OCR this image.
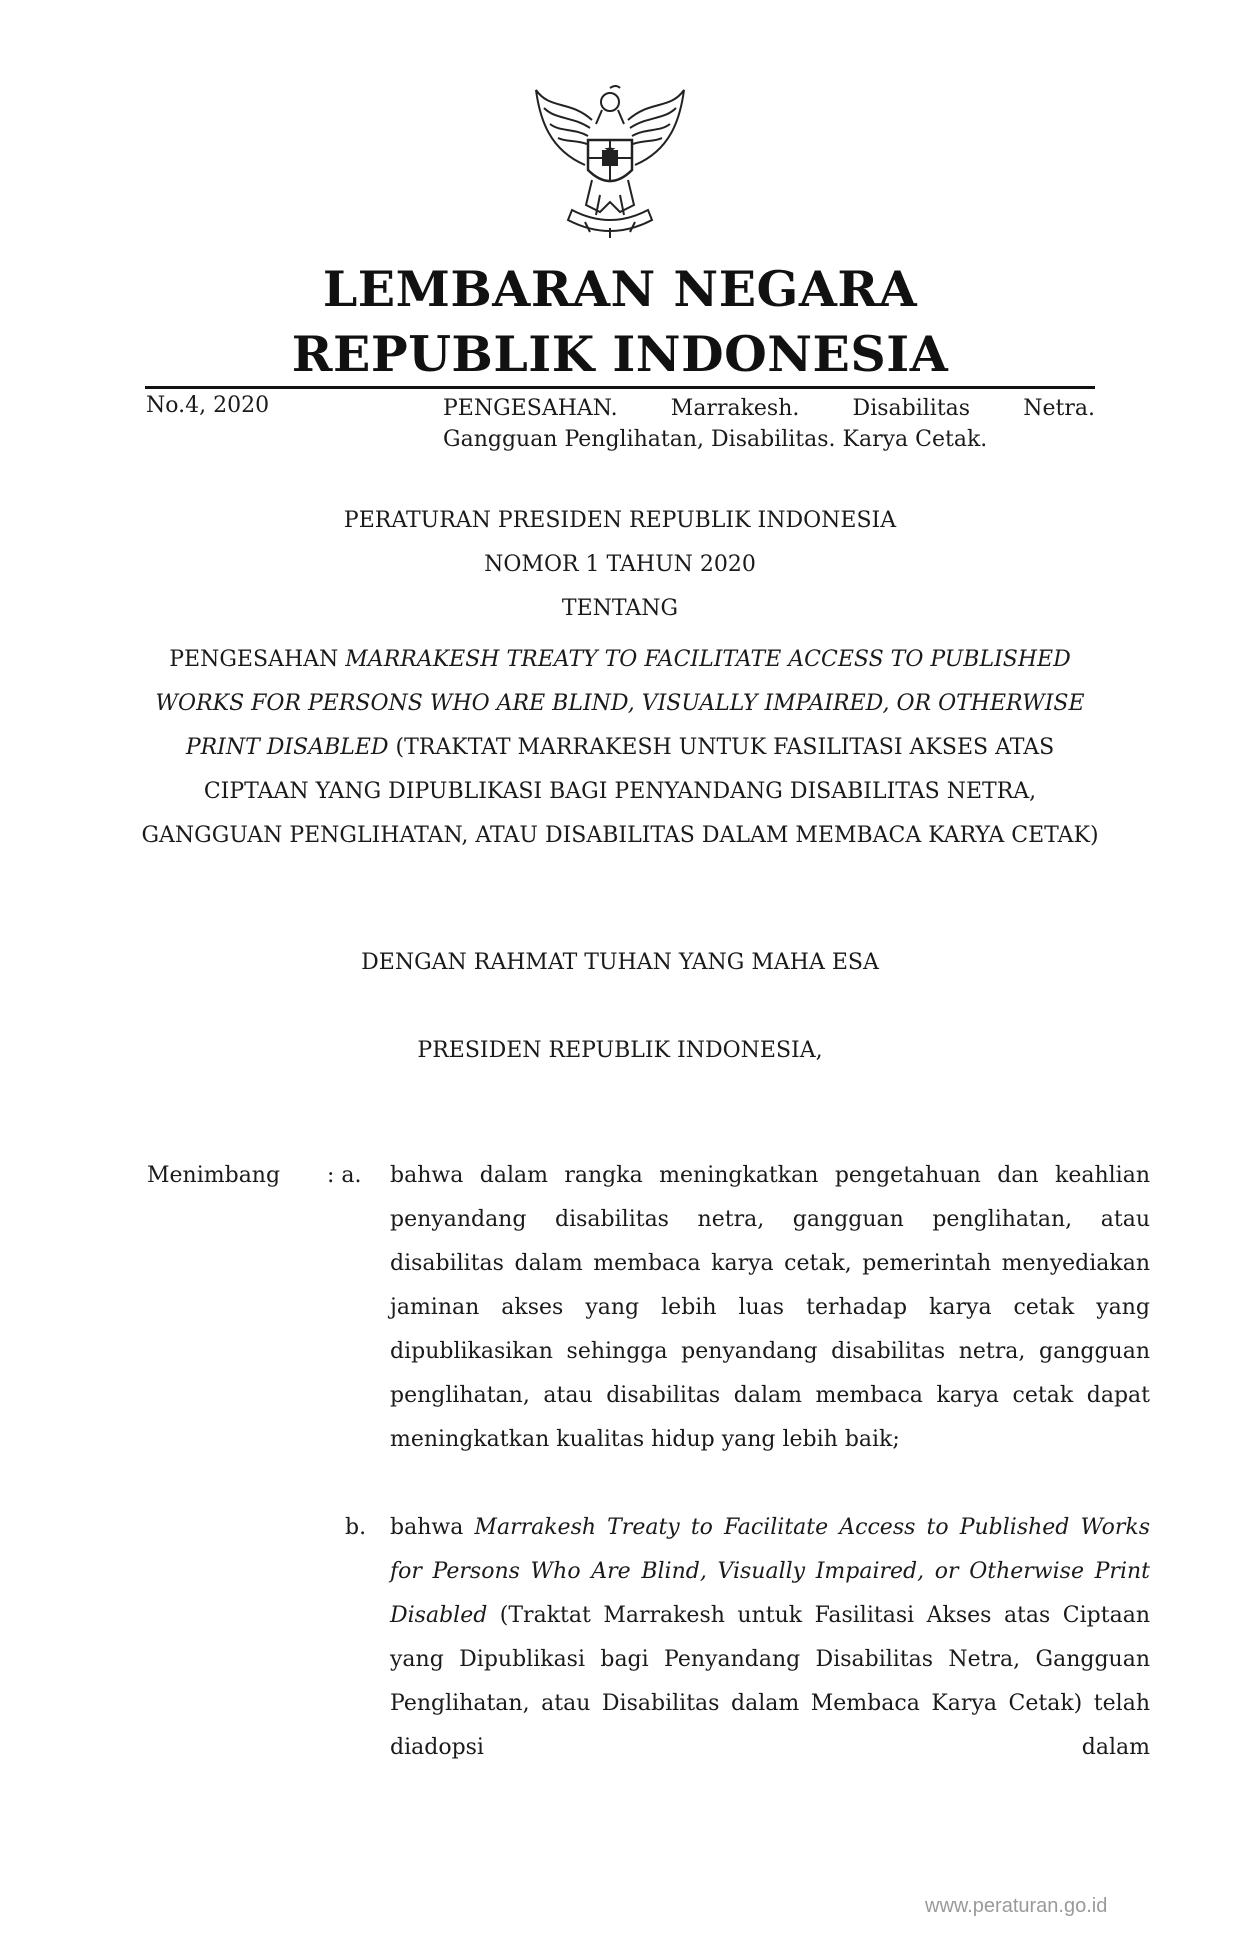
LEMBARAN NEGARA
REPUBLIK INDONESIA
No.4, 2020	PENGESAHAN. Marrakesh. Disabilitas Netra.
Gangguan Penglihatan, Disabilitas. Karya Cetak.
PERATURAN PRESIDEN REPUBLIK INDONESIA
NOMOR 1 TAHUN 2020
TENTANG
PENGESAHAN MARRAKESH TREATY TO FACILITATE ACCESS TO PUBLISHED WORKS FOR PERSONS WHO ARE BLIND, VISUALLY IMPAIRED, OR OTHERWISE PRINT DISABLED (TRAKTAT MARRAKESH UNTUK FASILITASI AKSES ATAS CIPTAAN YANG DIPUBLIKASI BAGI PENYANDANG DISABILITAS NETRA, GANGGUAN PENGLIHATAN, ATAU DISABILITAS DALAM MEMBACA KARYA CETAK)
DENGAN RAHMAT TUHAN YANG MAHA ESA
PRESIDEN REPUBLIK INDONESIA,
Menimbang : a. bahwa dalam rangka meningkatkan pengetahuan dan keahlian penyandang disabilitas netra, gangguan penglihatan, atau disabilitas dalam membaca karya cetak, pemerintah menyediakan jaminan akses yang lebih luas terhadap karya cetak yang dipublikasikan sehingga penyandang disabilitas netra, gangguan penglihatan, atau disabilitas dalam membaca karya cetak dapat meningkatkan kualitas hidup yang lebih baik;
b. bahwa Marrakesh Treaty to Facilitate Access to Published Works for Persons Who Are Blind, Visually Impaired, or Otherwise Print Disabled (Traktat Marrakesh untuk Fasilitasi Akses atas Ciptaan yang Dipublikasi bagi Penyandang Disabilitas Netra, Gangguan Penglihatan, atau Disabilitas dalam Membaca Karya Cetak) telah diadopsi dalam
www.peraturan.go.id
